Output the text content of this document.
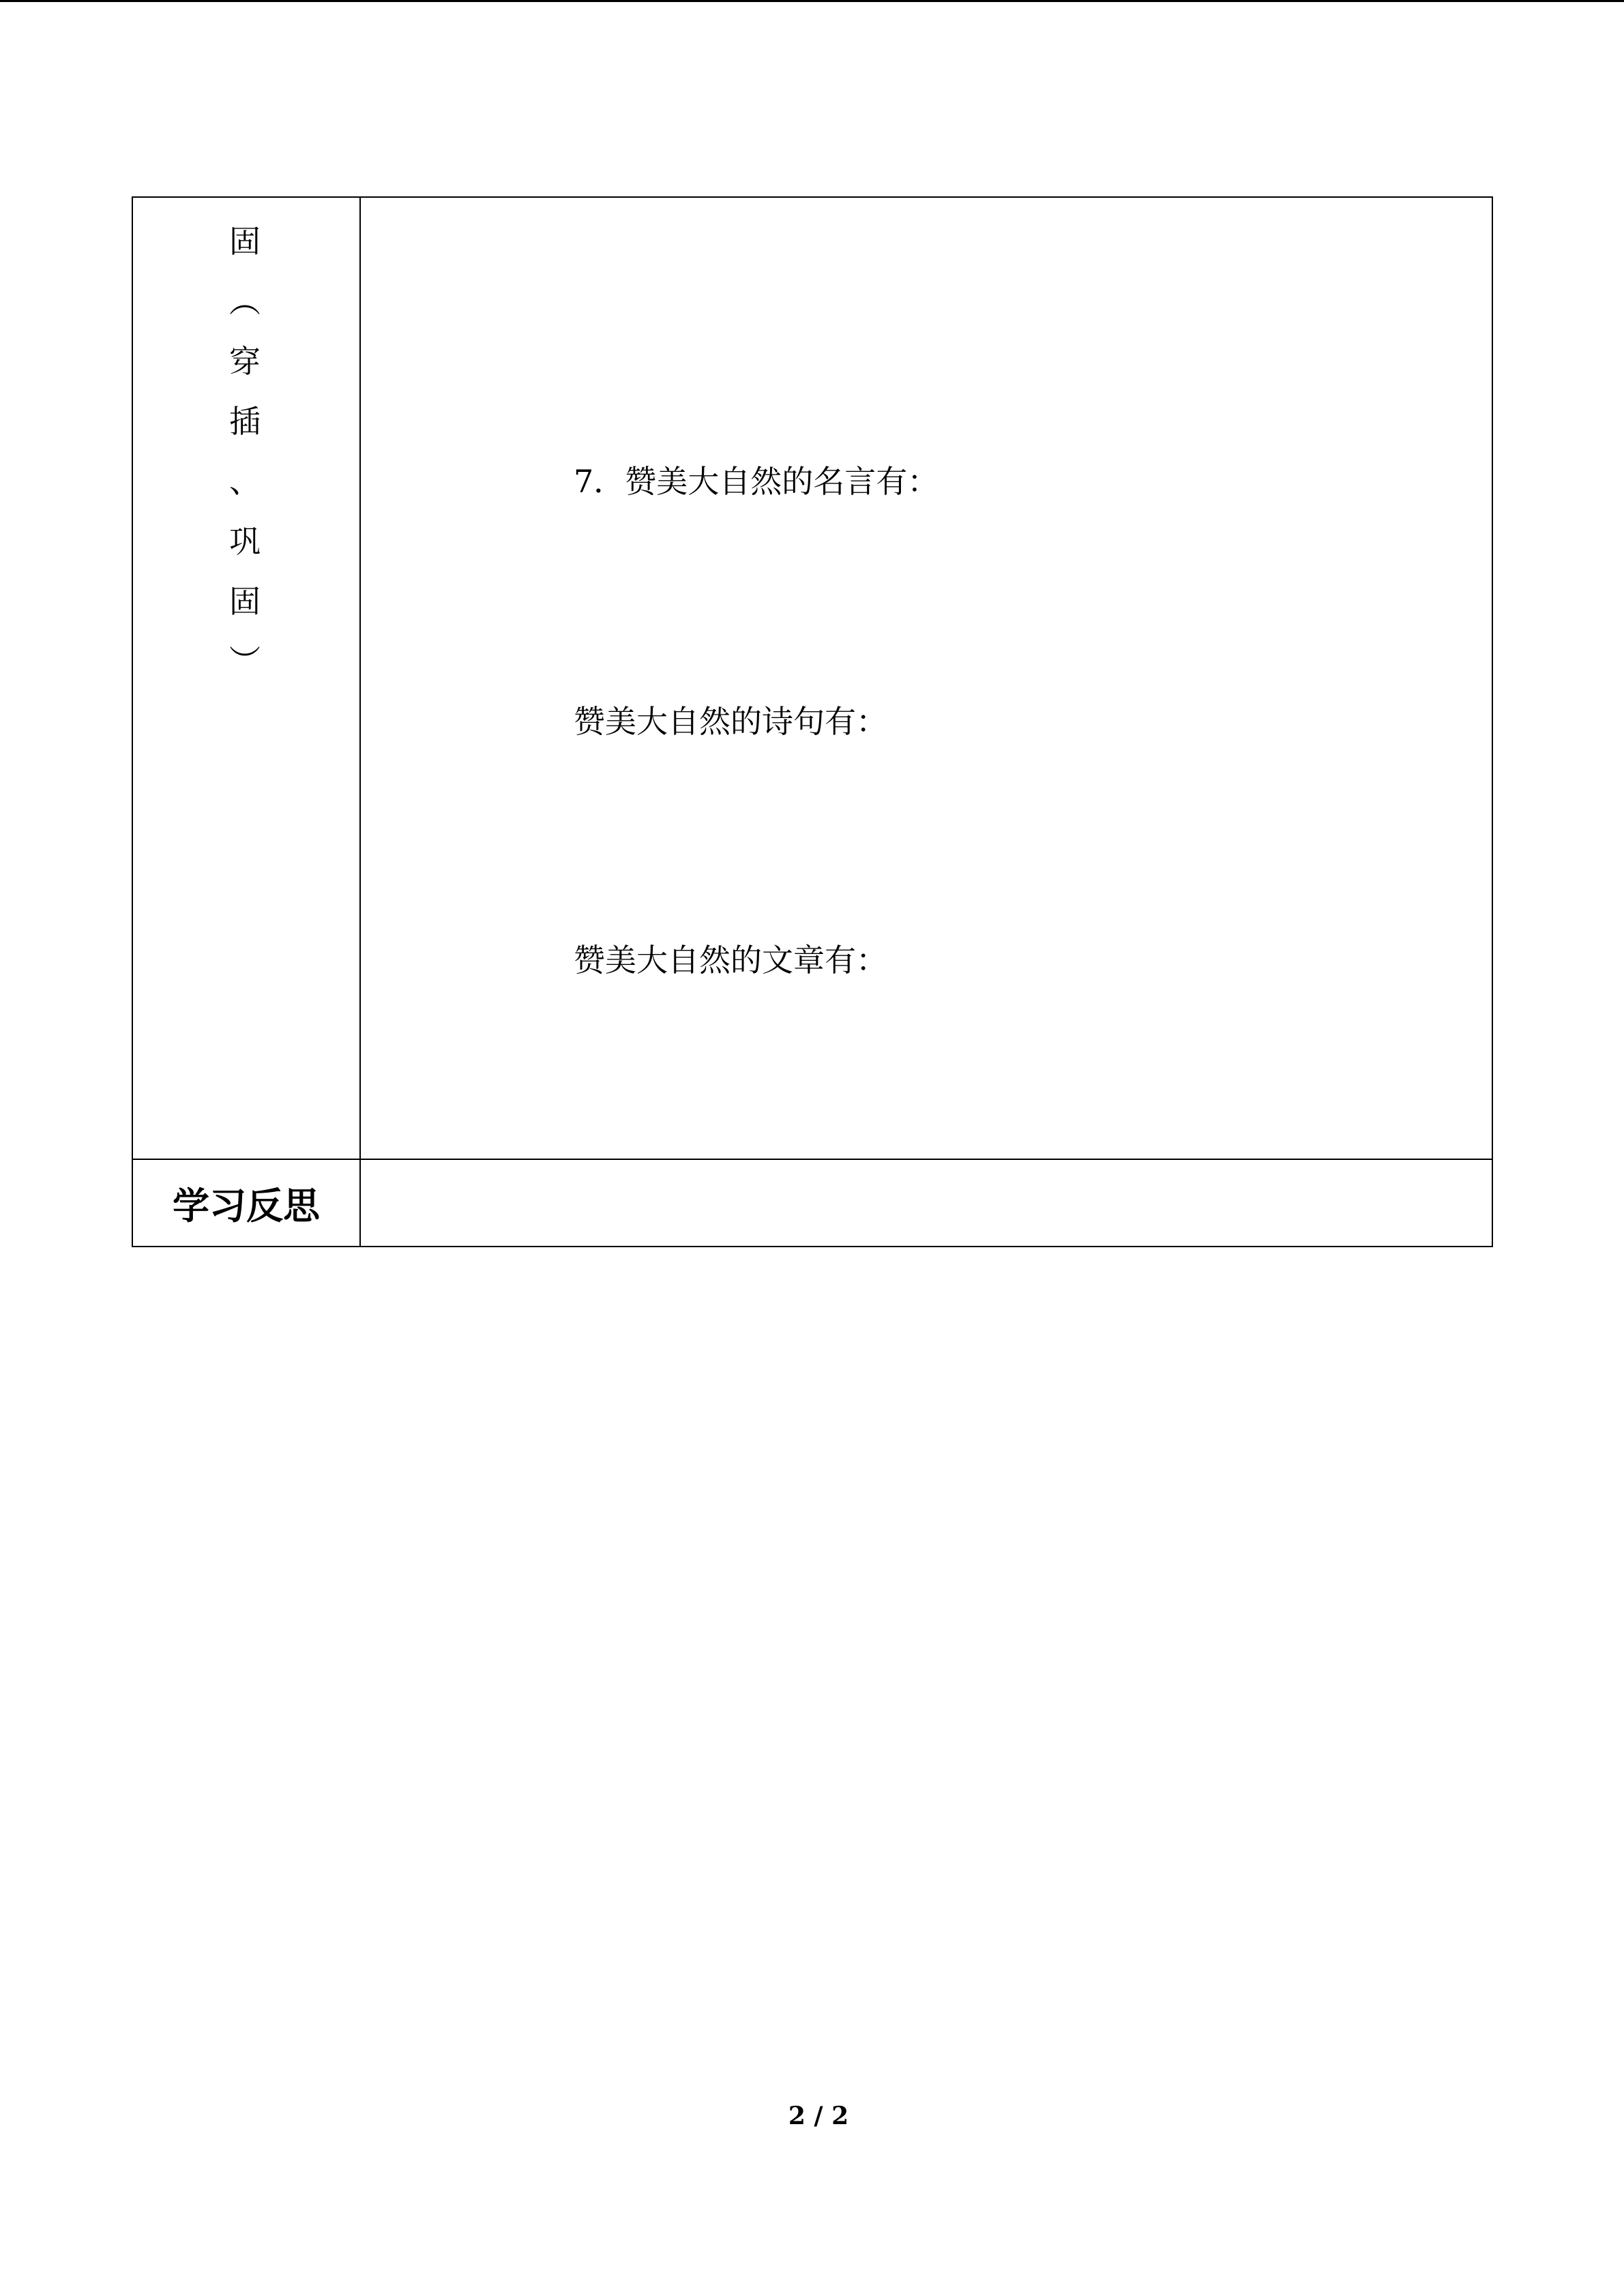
固
︵
穿
插
、
巩
固
︶
7．赞美大自然的名言有：
赞美大自然的诗句有：
赞美大自然的文章有：
学习反思
2 / 2
